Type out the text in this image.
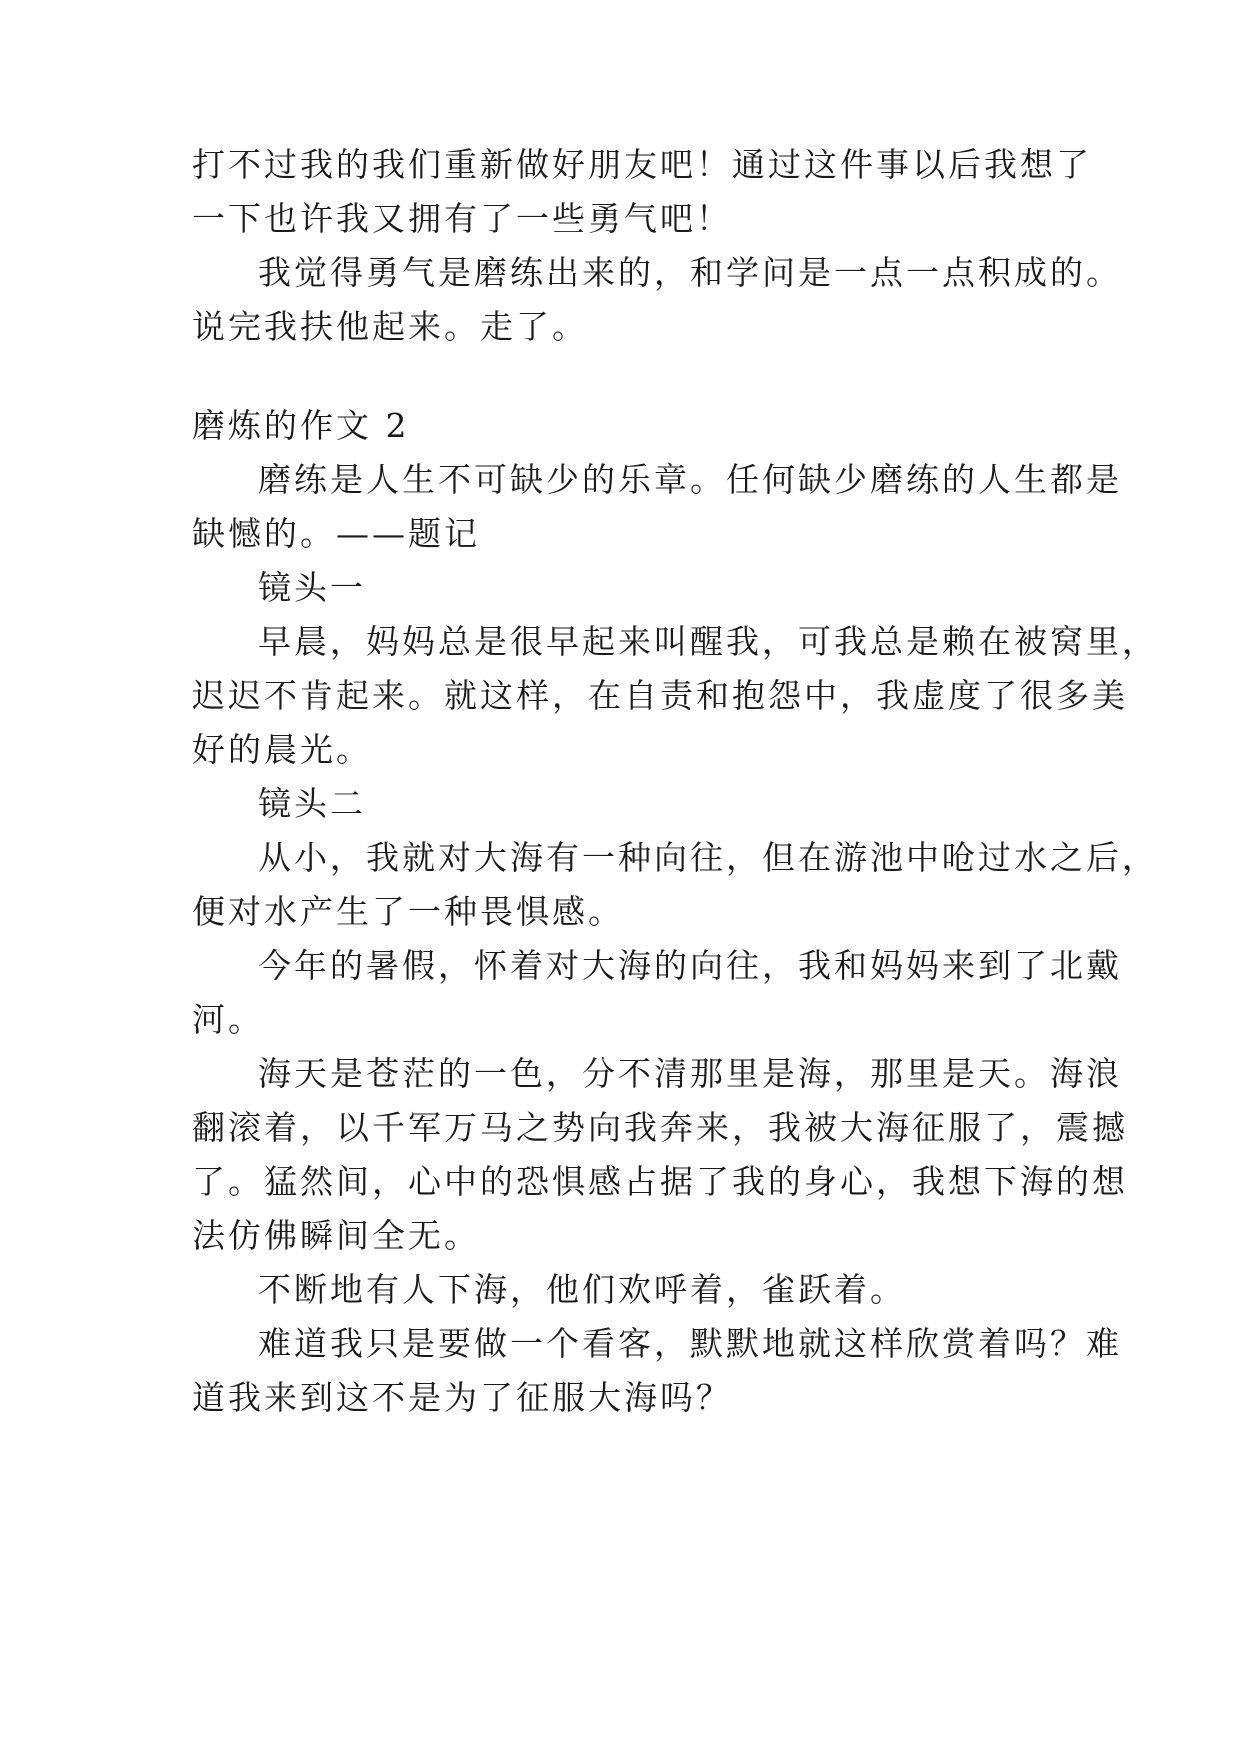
打不过我的我们重新做好朋友吧！通过这件事以后我想了
一下也许我又拥有了一些勇气吧！
我觉得勇气是磨练出来的，和学问是一点一点积成的。
说完我扶他起来。走了。
磨炼的作文 2
磨练是人生不可缺少的乐章。任何缺少磨练的人生都是
缺憾的。——题记
镜头一
早晨，妈妈总是很早起来叫醒我，可我总是赖在被窝里，
迟迟不肯起来。就这样，在自责和抱怨中，我虚度了很多美
好的晨光。
镜头二
从小，我就对大海有一种向往，但在游池中呛过水之后，
便对水产生了一种畏惧感。
今年的暑假，怀着对大海的向往，我和妈妈来到了北戴
河。
海天是苍茫的一色，分不清那里是海，那里是天。海浪
翻滚着，以千军万马之势向我奔来，我被大海征服了，震撼
了。猛然间，心中的恐惧感占据了我的身心，我想下海的想
法仿佛瞬间全无。
不断地有人下海，他们欢呼着，雀跃着。
难道我只是要做一个看客，默默地就这样欣赏着吗？难
道我来到这不是为了征服大海吗？
